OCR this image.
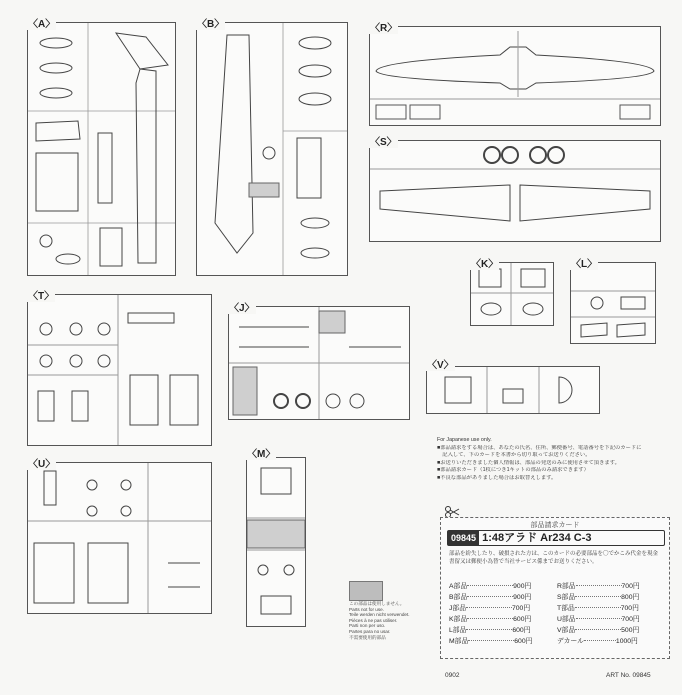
〈A〉	〈B〉	〈R〉
〈S〉
〈K〉	〈L〉
〈T〉
〈J〉
〈V〉
〈U〉
〈M〉
この部品は使用しません。
Parts not for use.
Teile werden nicht verwendet.
Pièces à ne pas utiliser.
Parti non per uso.
Partes para no usar.
不需要使用的部品
For Japanese use only.
■部品請求をする場合は、あなたの氏名、住所、郵便番号、電話番号を下記のカードに
　記入して、下のカードを本書から切り取ってお送りください。
■お送りいただきました個人情報は、部品の発送のみに使用させて頂きます。
■部品請求カード（1枚につき1キットの部品のみ請求できます）
■不良な部品がありました場合はお取替えします。
部品請求カード
09845 1:48アラド Ar234 C-3
部品を紛失したり、破損された方は、このカードの必要部品を〇でかこみ代金を現金書留又は郵便小為替で当社サービス係までお送りください。
A部品	900円
B部品	900円
J部品	700円
K部品	600円
L部品	600円
M部品	600円
R部品	700円
S部品	800円
T部品	700円
U部品	700円
V部品	500円
デカール	1000円
0902	ART No. 09845
